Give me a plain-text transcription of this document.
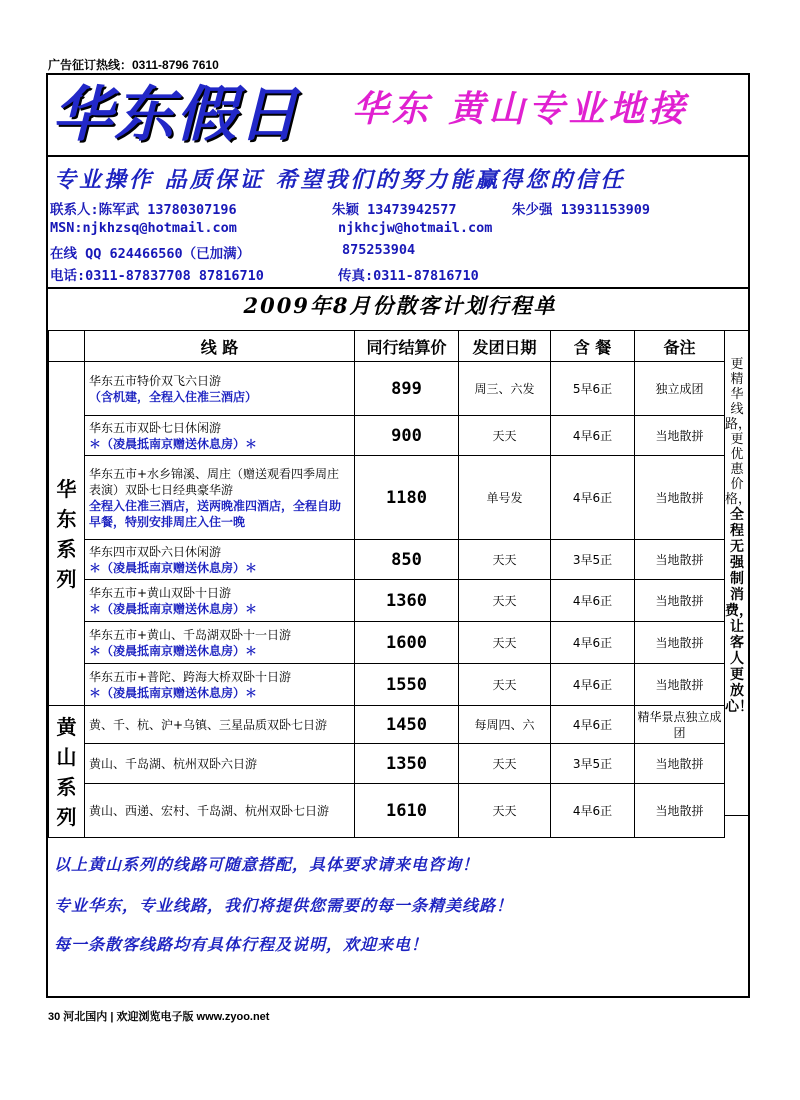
广告征订热线：0311-8796 7610
华东假日 华东 黄山专业地接
专业操作 品质保证 希望我们的努力能赢得您的信任
联系人:陈军武 13780307196	朱颖 13473942577	朱少强 13931153909
MSN:njkhzsq@hotmail.com	njkhcjw@hotmail.com
在线 QQ 624466560（已加满）	875253904
电话:0311-87837708 87816710	传真:0311-87816710
2009年8月份散客计划行程单
	线 路	同行结算价	发团日期	含 餐	备注
华东系列	华东五市特价双飞六日游
（含机建，全程入住准三酒店）	899	周三、六发	5早6正	独立成团
	华东五市双卧七日休闲游
＊（凌晨抵南京赠送休息房）＊	900	天天	4早6正	当地散拼
	华东五市+水乡锦溪、周庄（赠送观看四季周庄表演）双卧七日经典豪华游
全程入住准三酒店，送两晚准四酒店，全程自助早餐，特别安排周庄入住一晚	1180	单号发	4早6正	当地散拼
	华东四市双卧六日休闲游
＊（凌晨抵南京赠送休息房）＊	850	天天	3早5正	当地散拼
	华东五市+黄山双卧十日游
＊（凌晨抵南京赠送休息房）＊	1360	天天	4早6正	当地散拼
	华东五市+黄山、千岛湖双卧十一日游
＊（凌晨抵南京赠送休息房）＊	1600	天天	4早6正	当地散拼
	华东五市+普陀、跨海大桥双卧十日游
＊（凌晨抵南京赠送休息房）＊	1550	天天	4早6正	当地散拼
黄山系列	黄、千、杭、沪+乌镇、三星品质双卧七日游	1450	每周四、六	4早6正	精华景点独立成团
	黄山、千岛湖、杭州双卧六日游	1350	天天	3早5正	当地散拼
	黄山、西递、宏村、千岛湖、杭州双卧七日游	1610	天天	4早6正	当地散拼
更精华线路，更优惠价格，全程无强制消费，让客人更放心！
以上黄山系列的线路可随意搭配，具体要求请来电咨询！
专业华东，专业线路，我们将提供您需要的每一条精美线路！
每一条散客线路均有具体行程及说明，欢迎来电！
30 河北国内 | 欢迎浏览电子版 www.zyoo.net
